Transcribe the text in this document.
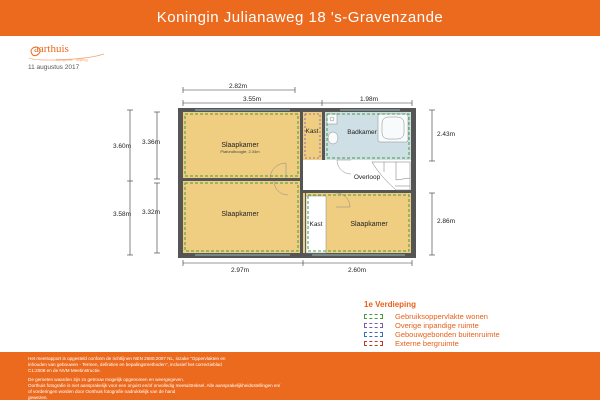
Koningin Julianaweg 18 's-Gravenzande
aarthuis
fotografie · styling
11 augustus 2017
2.82m
3.55m	1.98m
3.60m
3.36m
3.58m 3.32m
2.43m
2.86m
2.97m	2.60m
Slaapkamer
Plafondhoogte: 2.34m
Slaapkamer
Slaapkamer
Kast
Kast
Badkamer
Overloop
1e Verdieping
Gebruiksoppervlakte wonen
Overige inpandige ruimte
Gebouwgebonden buitenruimte
Externe bergruimte

Het meetrapport is opgesteld conform de richtlijnen NEN 2580:2007 NL, inzake "Oppervlakten en

inhouden van gebouwen - Termen, definities en bepalingsmethoden", inclusief het correctieblad

C1:2008 en de NVM Meetinstructie.

De gemeten waarden zijn zo getrouw mogelijk opgenomen en weergegeven.

Oorthuis fotografie is niet aansprakelijk voor een onjuist en/of onvolledig meetuittreksel. Alle aansprakelijkheidsstellingen en/

of vorderingen worden door Oorthuis fotografie nadrukkelijk van de hand

gewezen.
